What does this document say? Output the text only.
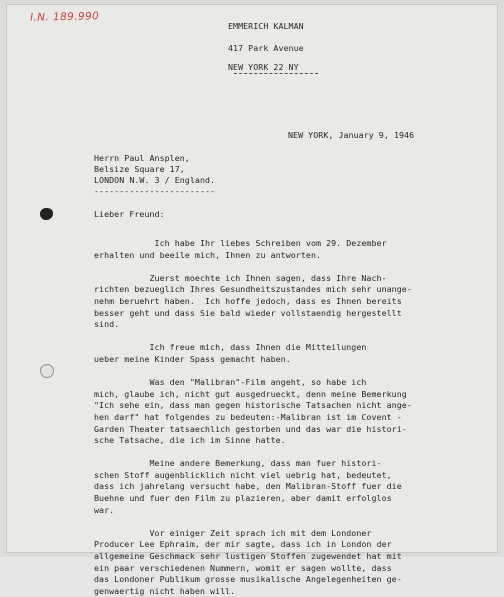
I.N. 189.990

EMMERICH KALMAN
417 Park Avenue
NEW YORK 22 NY
NEW YORK, January 9, 1946
Herrn Paul Ansplen,
Belsize Square 17,
LONDON N.W. 3 / England.
------------------------
Lieber Freund:
Ich habe Ihr liebes Schreiben vom 29. Dezember
erhalten und beeile mich, Ihnen zu antworten.

Zuerst moechte ich Ihnen sagen, dass Ihre Nach-
richten bezueglich Ihres Gesundheitszustandes mich sehr unange-
nehm beruehrt haben.  Ich hoffe jedoch, dass es Ihnen bereits
besser geht und dass Sie bald wieder vollstaendig hergestellt
sind.

Ich freue mich, dass Ihnen die Mitteilungen
ueber meine Kinder Spass gemacht haben.

Was den "Malibran"-Film angeht, so habe ich
mich, glaube ich, nicht gut ausgedrueckt, denn meine Bemerkung
"Ich sehe ein, dass man gegen historische Tatsachen nicht ange-
hen darf" hat folgendes zu bedeuten:-Malibran ist im Covent -
Garden Theater tatsaechlich gestorben und das war die histori-
sche Tatsache, die ich im Sinne hatte.

Meine andere Bemerkung, dass man fuer histori-
schen Stoff augenblicklich nicht viel uebrig hat, bedeutet,
dass ich jahrelang versucht habe, den Malibran-Stoff fuer die
Buehne und fuer den Film zu plazieren, aber damit erfolglos
war.

Vor einiger Zeit sprach ich mit dem Londoner
Producer Lee Ephraim, der mir sagte, dass ich in London der
allgemeine Geschmack sehr lustigen Stoffen zugewendet hat mit
ein paar verschiedenen Nummern, womit er sagen wollte, dass
das Londoner Publikum grosse musikalische Angelegenheiten ge-
genwaertig nicht haben will.
